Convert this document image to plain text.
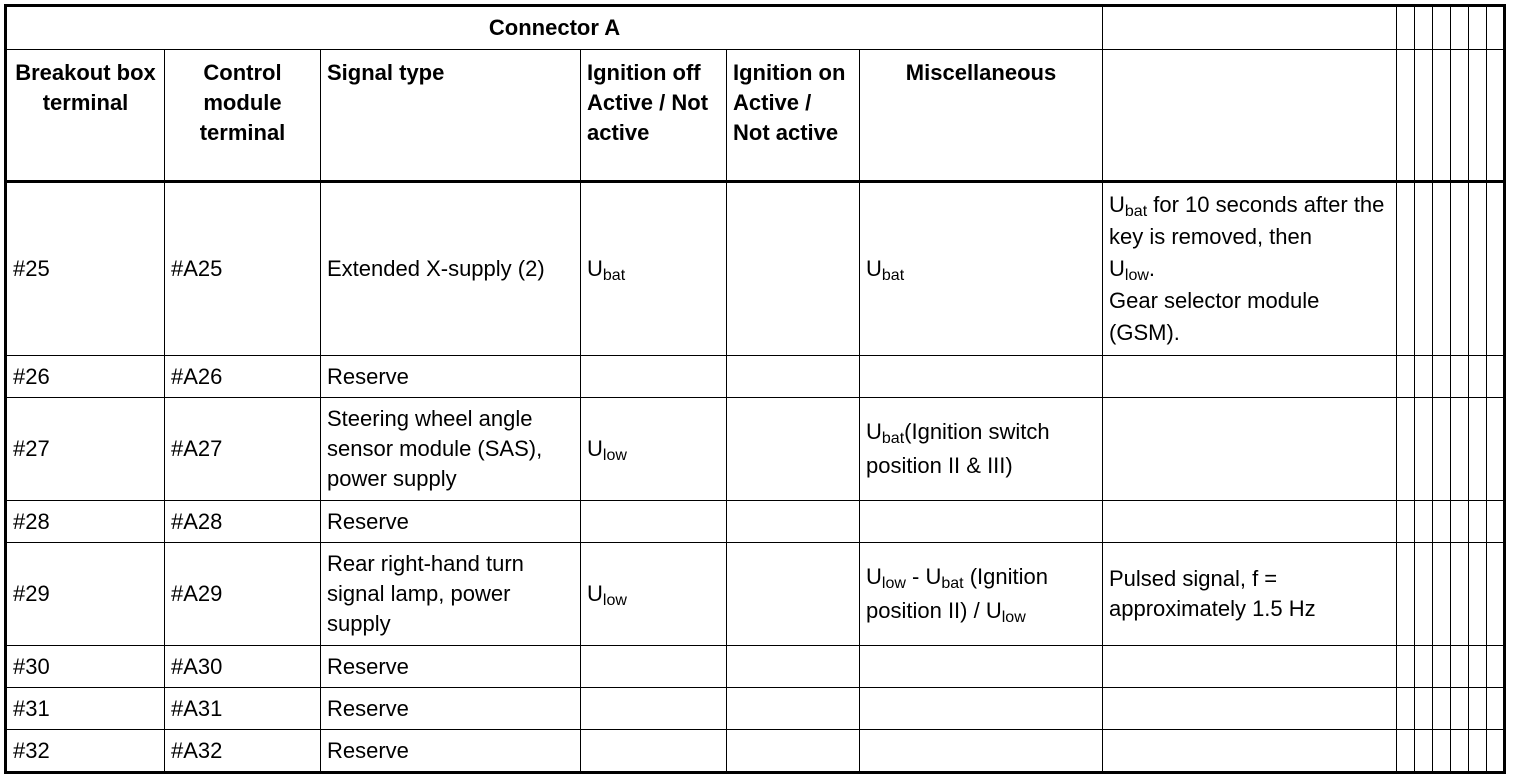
Connector A												
Breakout box terminal	Control module terminal	Signal type	Ignition off Active / Not active	Ignition on Active / Not active	Miscellaneous							
#25	#A25	Extended X-supply (2)	$U_{bat}$		$U_{bat}$	$U_{bat}$ for 10 seconds after the key is removed, then
$U_{low}$.
Gear selector module (GSM).						
#26	#A26	Reserve										
#27	#A27	Steering wheel angle sensor module (SAS), power supply	$U_{low}$		$U_{bat}(Ignition$ switch position II & III)							
#28	#A28	Reserve										
#29	#A29	Rear right-hand turn signal lamp, power supply	$U_{low}$		$U_{low} - U_{bat}$ (Ignition position $II) / U_{low}$	Pulsed signal, f = approximately 1.5 Hz						
#30	#A30	Reserve										
#31	#A31	Reserve										
#32	#A32	Reserve										
